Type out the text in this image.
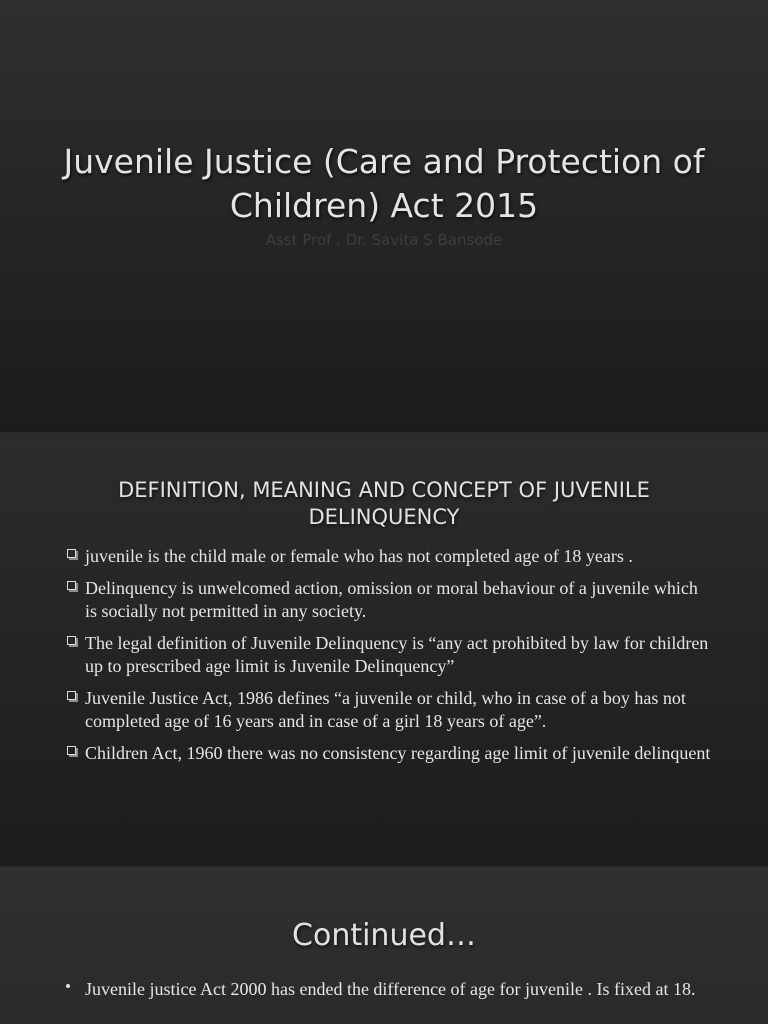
Juvenile Justice (Care and Protection of Children) Act 2015
Asst Prof . Dr. Savita S Bansode
DEFINITION, MEANING AND CONCEPT OF JUVENILE DELINQUENCY
juvenile is the child male or female who has not completed age of 18 years .
Delinquency is unwelcomed action, omission or moral behaviour of a juvenile which is socially not permitted in any society.
The legal definition of Juvenile Delinquency is “any act prohibited by law for children up to prescribed age limit is Juvenile Delinquency”
Juvenile Justice Act, 1986 defines “a juvenile or child, who in case of a boy has not completed age of 16 years and in case of a girl 18 years of age”.
Children Act, 1960 there was no consistency regarding age limit of juvenile delinquent
Continued…
Juvenile justice Act 2000 has ended the difference of age for juvenile . Is fixed at 18.
